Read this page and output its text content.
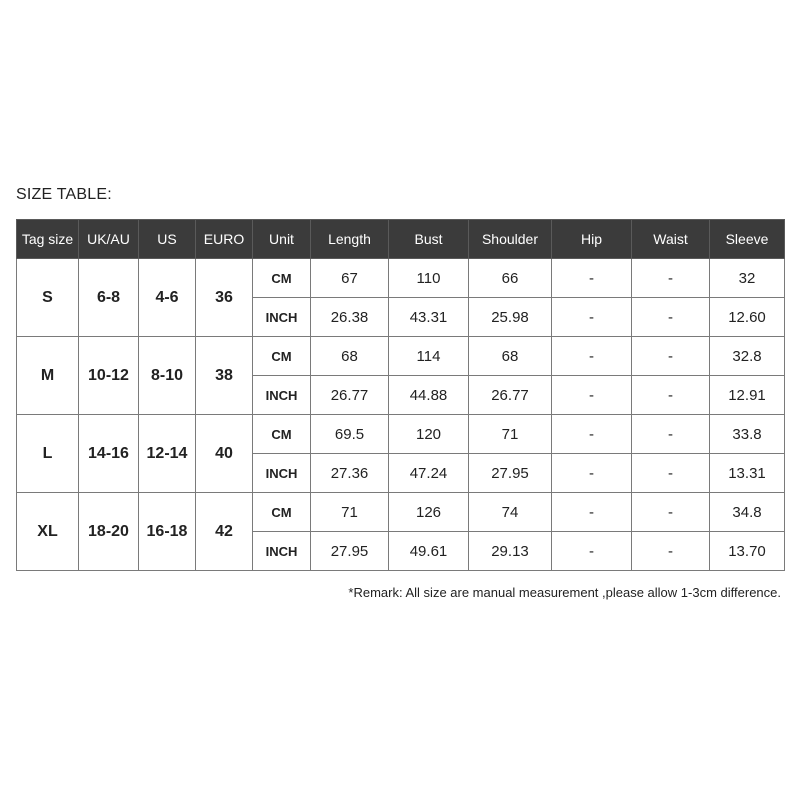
SIZE TABLE:
Tag size	UK/AU	US	EURO	Unit	Length	Bust	Shoulder	Hip	Waist	Sleeve
S	6-8	4-6	36	CM	67	110	66	-	-	32
				INCH	26.38	43.31	25.98	-	-	12.60
M	10-12	8-10	38	CM	68	114	68	-	-	32.8
				INCH	26.77	44.88	26.77	-	-	12.91
L	14-16	12-14	40	CM	69.5	120	71	-	-	33.8
				INCH	27.36	47.24	27.95	-	-	13.31
XL	18-20	16-18	42	CM	71	126	74	-	-	34.8
				INCH	27.95	49.61	29.13	-	-	13.70
*Remark: All size are manual measurement ,please allow 1-3cm difference.
